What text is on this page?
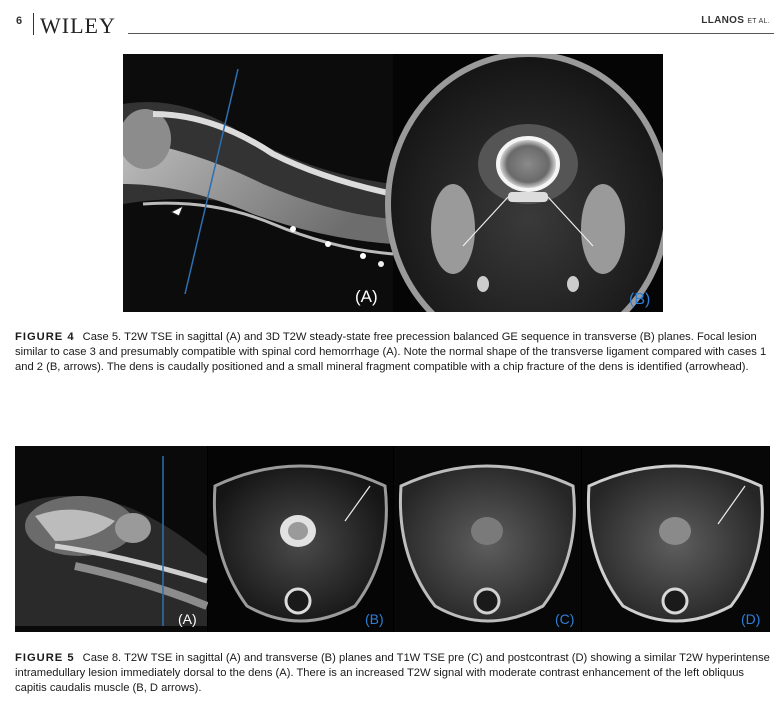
6 WILEY	LLANOS ET AL.
(A)	(B)
FIGURE 4 Case 5. T2W TSE in sagittal (A) and 3D T2W steady-state free precession balanced GE sequence in transverse (B) planes. Focal lesion similar to case 3 and presumably compatible with spinal cord hemorrhage (A). Note the normal shape of the transverse ligament compared with cases 1 and 2 (B, arrows). The dens is caudally positioned and a small mineral fragment compatible with a chip fracture of the dens is identified (arrowhead).
(A)	(B)	(C)	(D)
FIGURE 5 Case 8. T2W TSE in sagittal (A) and transverse (B) planes and T1W TSE pre (C) and postcontrast (D) showing a similar T2W hyperintense intramedullary lesion immediately dorsal to the dens (A). There is an increased T2W signal with moderate contrast enhancement of the left obliquus capitis caudalis muscle (B, D arrows).
